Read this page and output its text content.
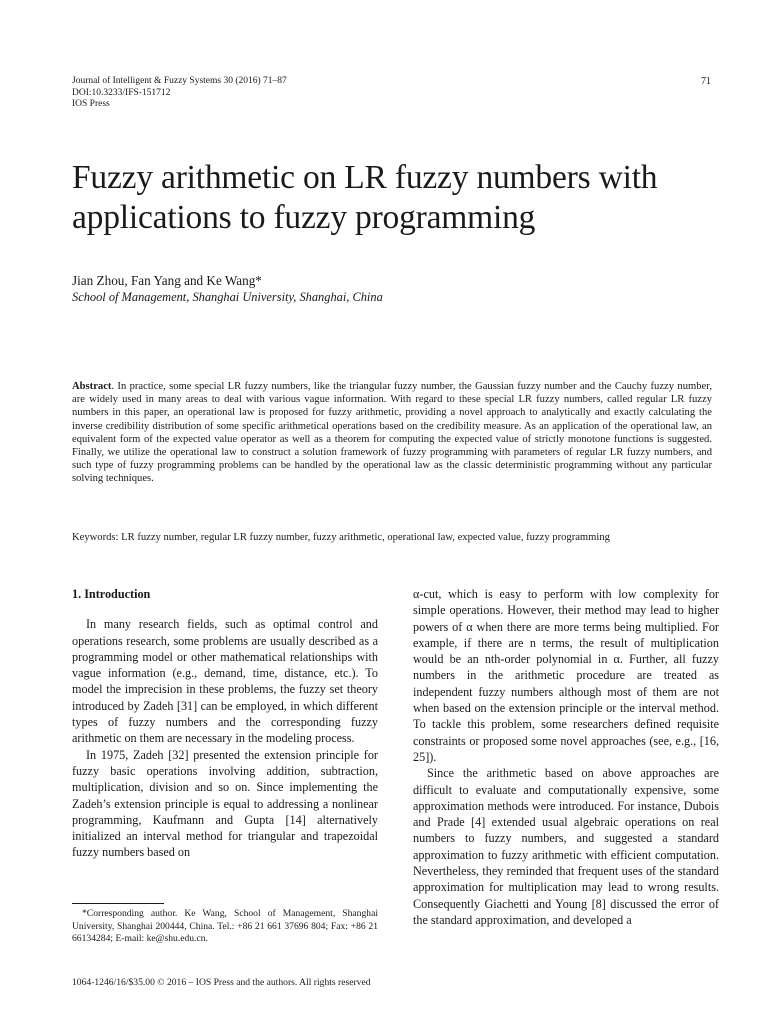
Journal of Intelligent & Fuzzy Systems 30 (2016) 71–87
DOI:10.3233/IFS-151712
IOS Press
71
Fuzzy arithmetic on LR fuzzy numbers with applications to fuzzy programming
Jian Zhou, Fan Yang and Ke Wang*
School of Management, Shanghai University, Shanghai, China

Abstract. In practice, some special LR fuzzy numbers, like the triangular fuzzy number, the Gaussian fuzzy number and the Cauchy fuzzy number, are widely used in many areas to deal with various vague information. With regard to these special LR fuzzy numbers, called regular LR fuzzy numbers in this paper, an operational law is proposed for fuzzy arithmetic, providing a novel approach to analytically and exactly calculating the inverse credibility distribution of some specific arithmetical operations based on the credibility measure. As an application of the operational law, an equivalent form of the expected value operator as well as a theorem for computing the expected value of strictly monotone functions is suggested. Finally, we utilize the operational law to construct a solution framework of fuzzy programming with parameters of regular LR fuzzy numbers, and such type of fuzzy programming problems can be handled by the operational law as the classic deterministic programming without any particular solving techniques.

Keywords: LR fuzzy number, regular LR fuzzy number, fuzzy arithmetic, operational law, expected value, fuzzy programming
1. Introduction

In many research fields, such as optimal control and operations research, some problems are usually described as a programming model or other mathematical relationships with vague information (e.g., demand, time, distance, etc.). To model the imprecision in these problems, the fuzzy set theory introduced by Zadeh [31] can be employed, in which different types of fuzzy numbers and the corresponding fuzzy arithmetic on them are necessary in the modeling process.

In 1975, Zadeh [32] presented the extension principle for fuzzy basic operations involving addition, subtraction, multiplication, division and so on. Since implementing the Zadeh’s extension principle is equal to addressing a nonlinear programming, Kaufmann and Gupta [14] alternatively initialized an interval method for triangular and trapezoidal fuzzy numbers based on

α-cut, which is easy to perform with low complexity for simple operations. However, their method may lead to higher powers of α when there are more terms being multiplied. For example, if there are n terms, the result of multiplication would be an nth-order polynomial in α. Further, all fuzzy numbers in the arithmetic procedure are treated as independent fuzzy numbers although most of them are not when based on the extension principle or the interval method. To tackle this problem, some researchers defined requisite constraints or proposed some novel approaches (see, e.g., [16, 25]).

Since the arithmetic based on above approaches are difficult to evaluate and computationally expensive, some approximation methods were introduced. For instance, Dubois and Prade [4] extended usual algebraic operations on real numbers to fuzzy numbers, and suggested a standard approximation to fuzzy arithmetic with efficient computation. Nevertheless, they reminded that frequent uses of the standard approximation for multiplication may lead to wrong results. Consequently Giachetti and Young [8] discussed the error of the standard approximation, and developed a

*Corresponding author. Ke Wang, School of Management, Shanghai University, Shanghai 200444, China. Tel.: +86 21 661 37696 804; Fax: +86 21 66134284; E-mail: ke@shu.edu.cn.
1064-1246/16/$35.00 © 2016 – IOS Press and the authors. All rights reserved
